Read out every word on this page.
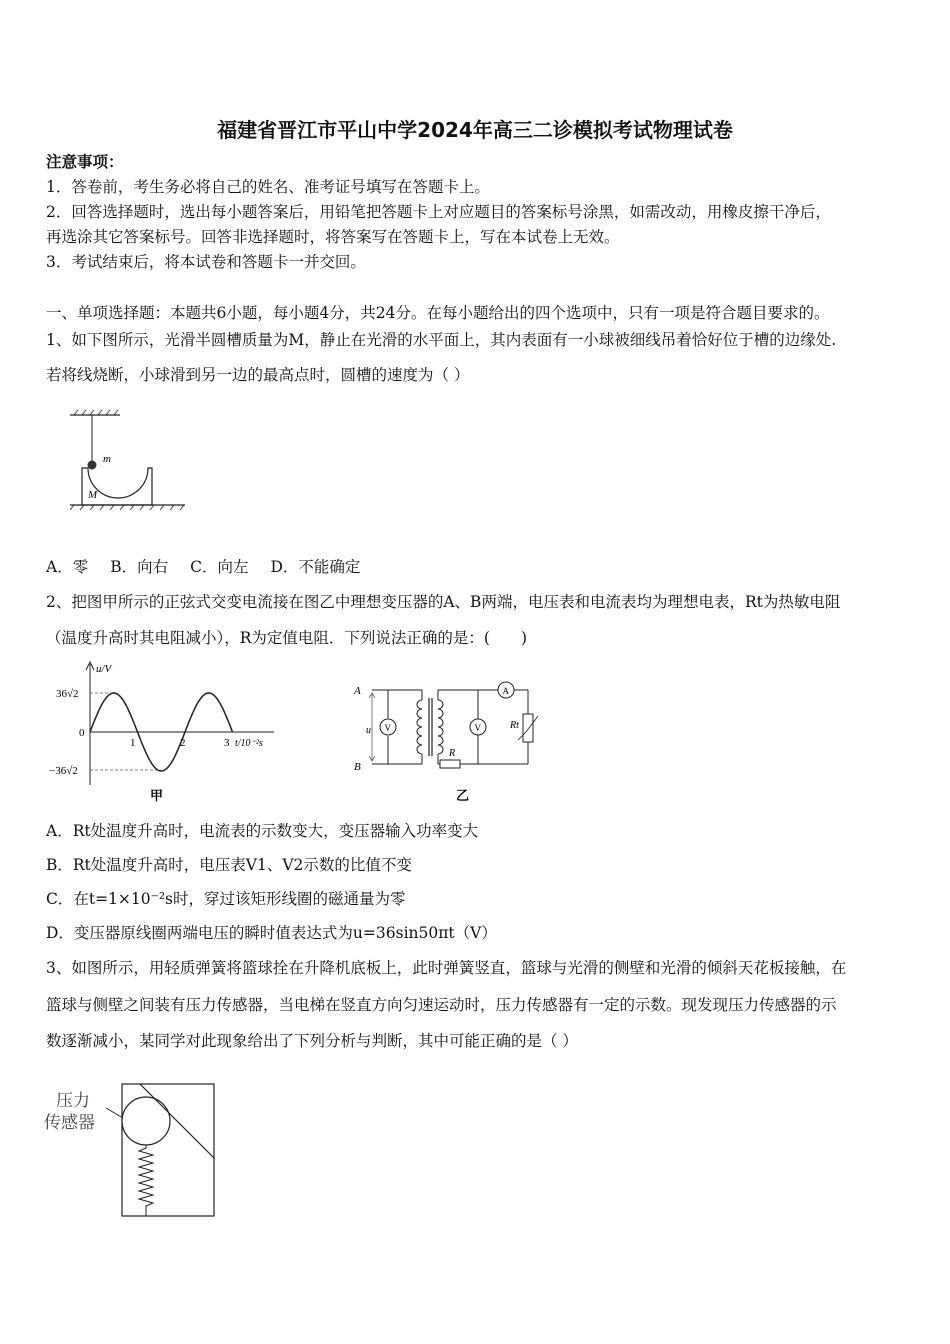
福建省晋江市平山中学2024年高三二诊模拟考试物理试卷
注意事项：
1．答卷前，考生务必将自己的姓名、准考证号填写在答题卡上。
2．回答选择题时，选出每小题答案后，用铅笔把答题卡上对应题目的答案标号涂黑，如需改动，用橡皮擦干净后，
再选涂其它答案标号。回答非选择题时，将答案写在答题卡上，写在本试卷上无效。
3．考试结束后，将本试卷和答题卡一并交回。
一、单项选择题：本题共6小题，每小题4分，共24分。在每小题给出的四个选项中，只有一项是符合题目要求的。
1、如下图所示，光滑半圆槽质量为M，静止在光滑的水平面上，其内表面有一小球被细线吊着恰好位于槽的边缘处.
若将线烧断，小球滑到另一边的最高点时，圆槽的速度为（ ）
m
M
A．零 B．向右 C．向左 D．不能确定
2、把图甲所示的正弦式交变电流接在图乙中理想变压器的A、B两端，电压表和电流表均为理想电表，Rt为热敏电阻
（温度升高时其电阻减小），R为定值电阻．下列说法正确的是：(　　)
u/V
36√2
−36√2
0
1	2	3 t/10⁻²s
甲
A
B
u V
A
Rt
V
R
乙
A．Rt处温度升高时，电流表的示数变大，变压器输入功率变大
B．Rt处温度升高时，电压表V1、V2示数的比值不变
C．在t=1×10⁻²s时，穿过该矩形线圈的磁通量为零
D．变压器原线圈两端电压的瞬时值表达式为u=36sin50πt（V）
3、如图所示，用轻质弹簧将篮球拴在升降机底板上，此时弹簧竖直，篮球与光滑的侧壁和光滑的倾斜天花板接触，在
篮球与侧壁之间装有压力传感器，当电梯在竖直方向匀速运动时，压力传感器有一定的示数。现发现压力传感器的示
数逐渐减小，某同学对此现象给出了下列分析与判断，其中可能正确的是（ ）
压力
传感器
